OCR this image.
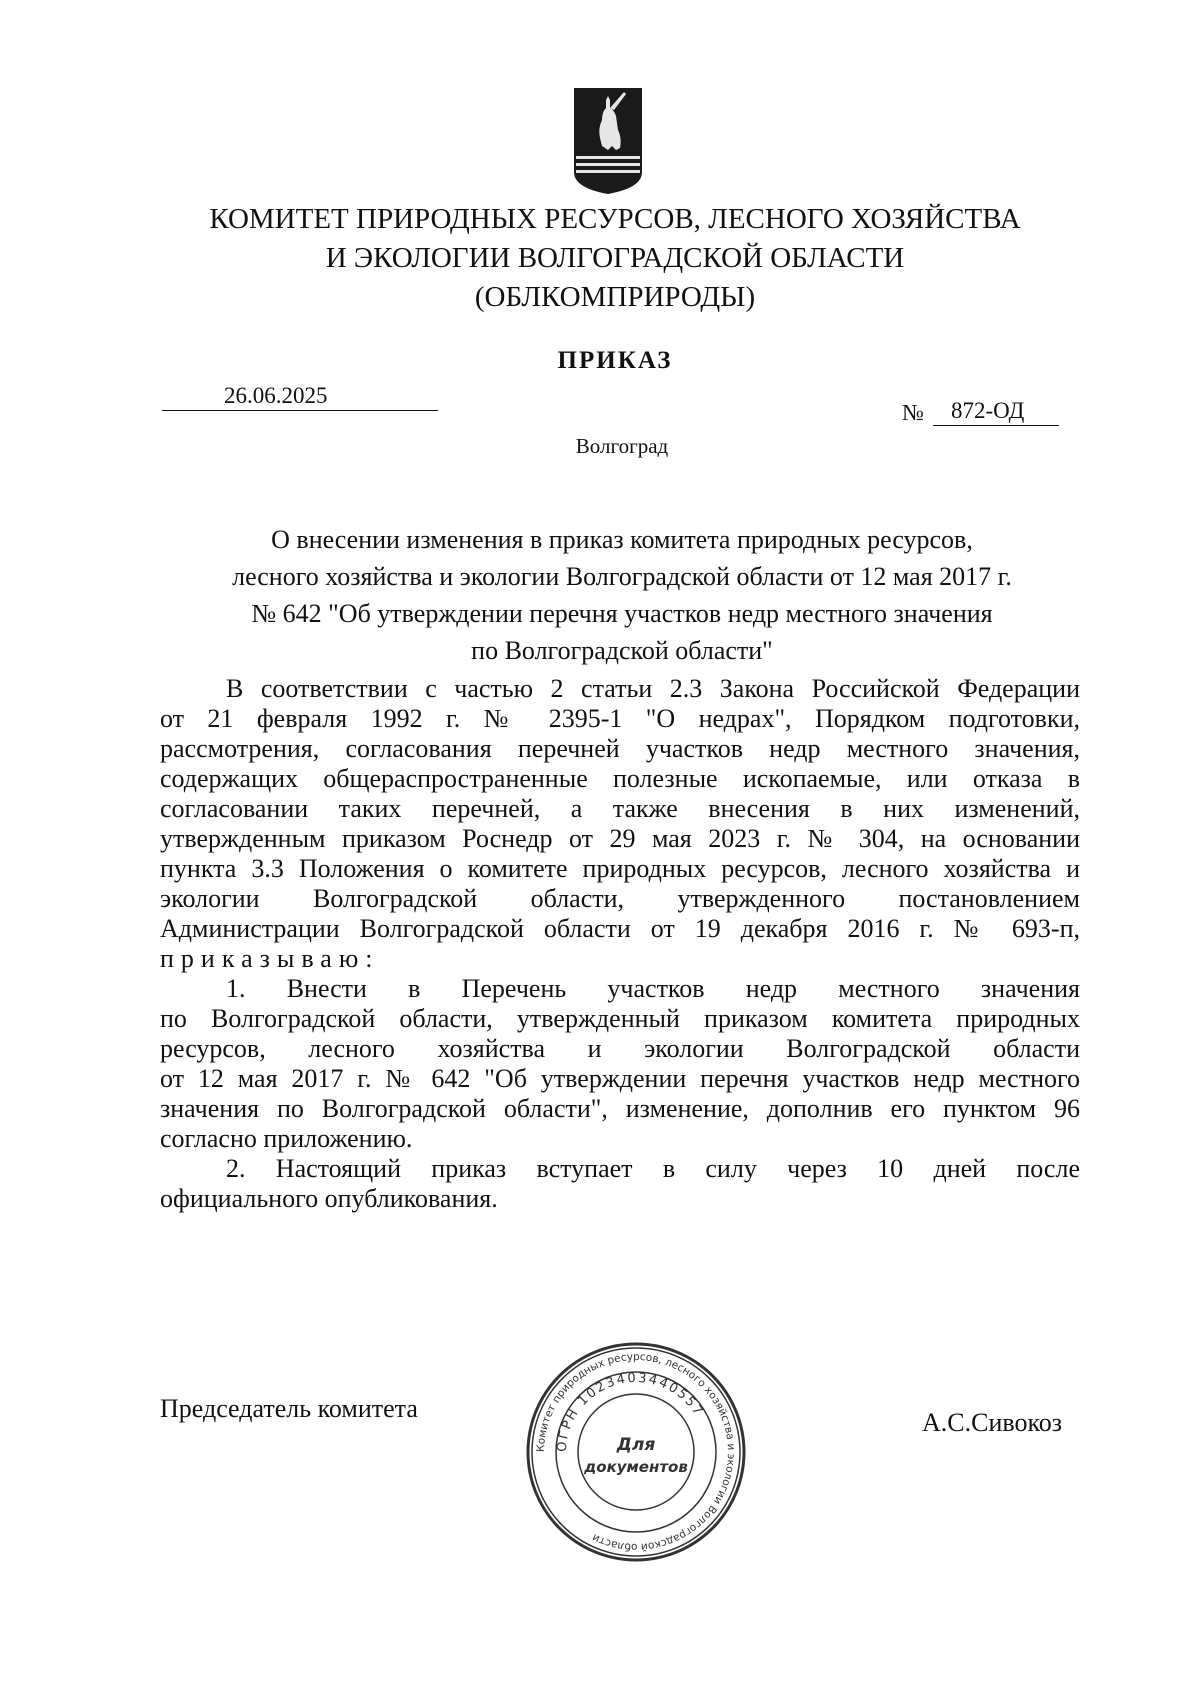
КОМИТЕТ ПРИРОДНЫХ РЕСУРСОВ, ЛЕСНОГО ХОЗЯЙСТВА
И ЭКОЛОГИИ ВОЛГОГРАДСКОЙ ОБЛАСТИ
(ОБЛКОМПРИРОДЫ)
ПРИКАЗ
26.06.2025
№ 872-ОД
Волгоград
О внесении изменения в приказ комитета природных ресурсов,
лесного хозяйства и экологии Волгоградской области от 12 мая 2017 г.
№ 642 "Об утверждении перечня участков недр местного значения
по Волгоградской области"
В соответствии с частью 2 статьи 2.3 Закона Российской Федерации
от 21 февраля 1992 г. № 2395-1 "О недрах", Порядком подготовки,
рассмотрения, согласования перечней участков недр местного значения,
содержащих общераспространенные полезные ископаемые, или отказа в
согласовании таких перечней, а также внесения в них изменений,
утвержденным приказом Роснедр от 29 мая 2023 г. № 304, на основании
пункта 3.3 Положения о комитете природных ресурсов, лесного хозяйства и
экологии Волгоградской области, утвержденного постановлением
Администрации Волгоградской области от 19 декабря 2016 г. № 693-п,
приказываю:
1. Внести в Перечень участков недр местного значения
по Волгоградской области, утвержденный приказом комитета природных
ресурсов, лесного хозяйства и экологии Волгоградской области
от 12 мая 2017 г. № 642 "Об утверждении перечня участков недр местного
значения по Волгоградской области", изменение, дополнив его пунктом 96
согласно приложению.
2. Настоящий приказ вступает в силу через 10 дней после
официального опубликования.
Председатель комитета	А.С.Сивокоз
Комитет природных ресурсов, лесного хозяйства и экологии Волгоградской области
ОГРН 1023403440557
Для
документов
